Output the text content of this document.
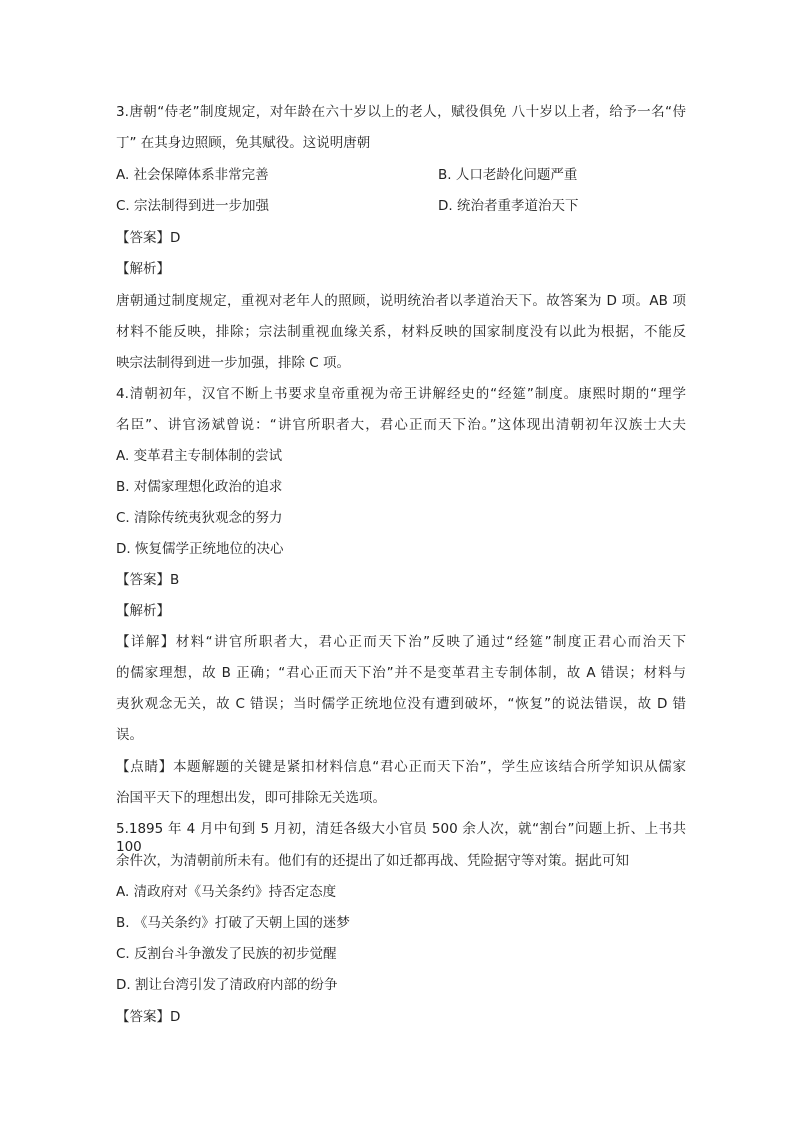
3.唐朝“侍老”制度规定，对年龄在六十岁以上的老人，赋役俱免 八十岁以上者，给予一名“侍
丁” 在其身边照顾，免其赋役。这说明唐朝
A. 社会保障体系非常完善	B. 人口老龄化问题严重
C. 宗法制得到进一步加强	D. 统治者重孝道治天下
【答案】D
【解析】
唐朝通过制度规定，重视对老年人的照顾，说明统治者以孝道治天下。故答案为 D 项。AB 项
材料不能反映，排除；宗法制重视血缘关系，材料反映的国家制度没有以此为根据，不能反
映宗法制得到进一步加强，排除 C 项。
4.清朝初年，汉官不断上书要求皇帝重视为帝王讲解经史的“经筵”制度。康熙时期的“理学
名臣”、讲官汤斌曾说：“讲官所职者大，君心正而天下治。”这体现出清朝初年汉族士大夫
A. 变革君主专制体制的尝试
B. 对儒家理想化政治的追求
C. 清除传统夷狄观念的努力
D. 恢复儒学正统地位的决心
【答案】B
【解析】
【详解】材料“讲官所职者大，君心正而天下治”反映了通过“经筵”制度正君心而治天下
的儒家理想，故 B 正确；“君心正而天下治”并不是变革君主专制体制，故 A 错误；材料与
夷狄观念无关，故 C 错误；当时儒学正统地位没有遭到破坏，“恢复”的说法错误，故 D 错
误。
【点睛】本题解题的关键是紧扣材料信息“君心正而天下治”，学生应该结合所学知识从儒家
治国平天下的理想出发，即可排除无关选项。
5.1895 年 4 月中旬到 5 月初，清廷各级大小官员 500 余人次，就“割台”问题上折、上书共 100
余件次，为清朝前所未有。他们有的还提出了如迁都再战、凭险据守等对策。据此可知
A. 清政府对《马关条约》持否定态度
B. 《马关条约》打破了天朝上国的迷梦
C. 反割台斗争激发了民族的初步觉醒
D. 割让台湾引发了清政府内部的纷争
【答案】D
